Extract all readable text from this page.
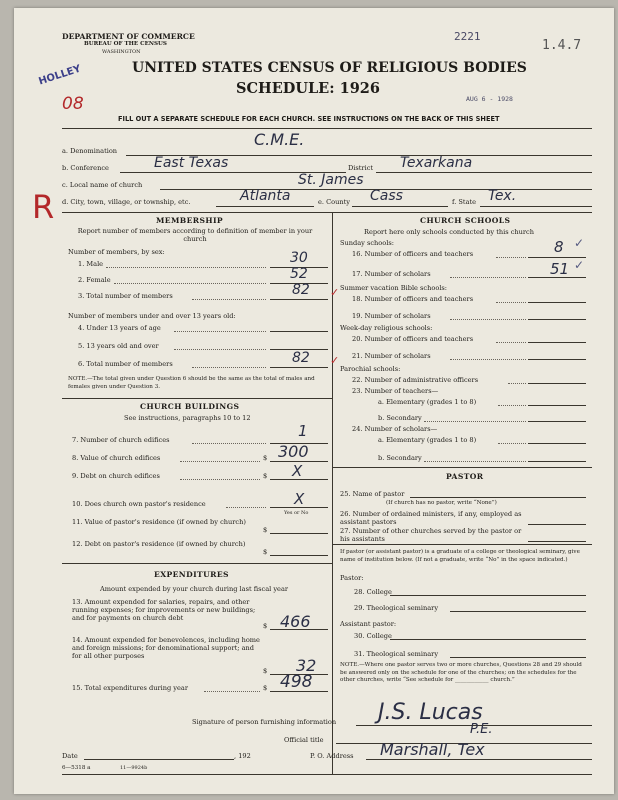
DEPARTMENT OF COMMERCE
BUREAU OF THE CENSUS
WASHINGTON
2221
1.4.7
HOLLEY
08
UNITED STATES CENSUS OF RELIGIOUS BODIES
SCHEDULE: 1926
AUG 6 - 1928
FILL OUT A SEPARATE SCHEDULE FOR EACH CHURCH. SEE INSTRUCTIONS ON THE BACK OF THIS SHEET
R
a. Denomination
C.M.E.
b. Conference	East Texas	District Texarkana
c. Local name of church	St. James
d. City, town, village, or township, etc.	Atlanta	e. County Cass	f. State Tex.
MEMBERSHIP
Report number of members according to definition of member in your church
Number of members, by sex:
1. Male	30
2. Female	52
3. Total number of members	82 ✓
Number of members under and over 13 years old:
4. Under 13 years of age
5. 13 years old and over
6. Total number of members	82 ✓
NOTE.—The total given under Question 6 should be the same as the total of males and females given under Question 3.
CHURCH BUILDINGS
See instructions, paragraphs 10 to 12
7. Number of church edifices	1
8. Value of church edifices	$ 300
9. Debt on church edifices	$ X
10. Does church own pastor's residence	X
Yes or No
11. Value of pastor's residence (if owned by church)
$
12. Debt on pastor's residence (if owned by church)
$
EXPENDITURES
Amount expended by your church during last fiscal year
13. Amount expended for salaries, repairs, and other running expenses; for improvements or new buildings; and for payments on church debt
$ 466
14. Amount expended for benevolences, including home and foreign missions; for denominational support; and for all other purposes
$ 32
15. Total expenditures during year	$ 498
CHURCH SCHOOLS
Report here only schools conducted by this church
Sunday schools:
16. Number of officers and teachers	8 ✓
17. Number of scholars	51 ✓
Summer vacation Bible schools:
18. Number of officers and teachers
19. Number of scholars
Week-day religious schools:
20. Number of officers and teachers
21. Number of scholars
Parochial schools:
22. Number of administrative officers
23. Number of teachers—
a. Elementary (grades 1 to 8)
b. Secondary
24. Number of scholars—
a. Elementary (grades 1 to 8)
b. Secondary
PASTOR
25. Name of pastor
(If church has no pastor, write “None”)
26. Number of ordained ministers, if any, employed as assistant pastors
27. Number of other churches served by the pastor or his assistants
If pastor (or assistant pastor) is a graduate of a college or theological seminary, give name of institution below. (If not a graduate, write “No” in the space indicated.)
Pastor:
28. College
29. Theological seminary
Assistant pastor:
30. College
31. Theological seminary
NOTE.—Where one pastor serves two or more churches, Questions 28 and 29 should be answered only on the schedule for one of the churches; on the schedules for the other churches, write “See schedule for ____________ church.”
Signature of person furnishing information J.S. Lucas
Official title
P.E.
Date	, 192	P. O. Address Marshall, Tex
6—5318 a	11—9924b
